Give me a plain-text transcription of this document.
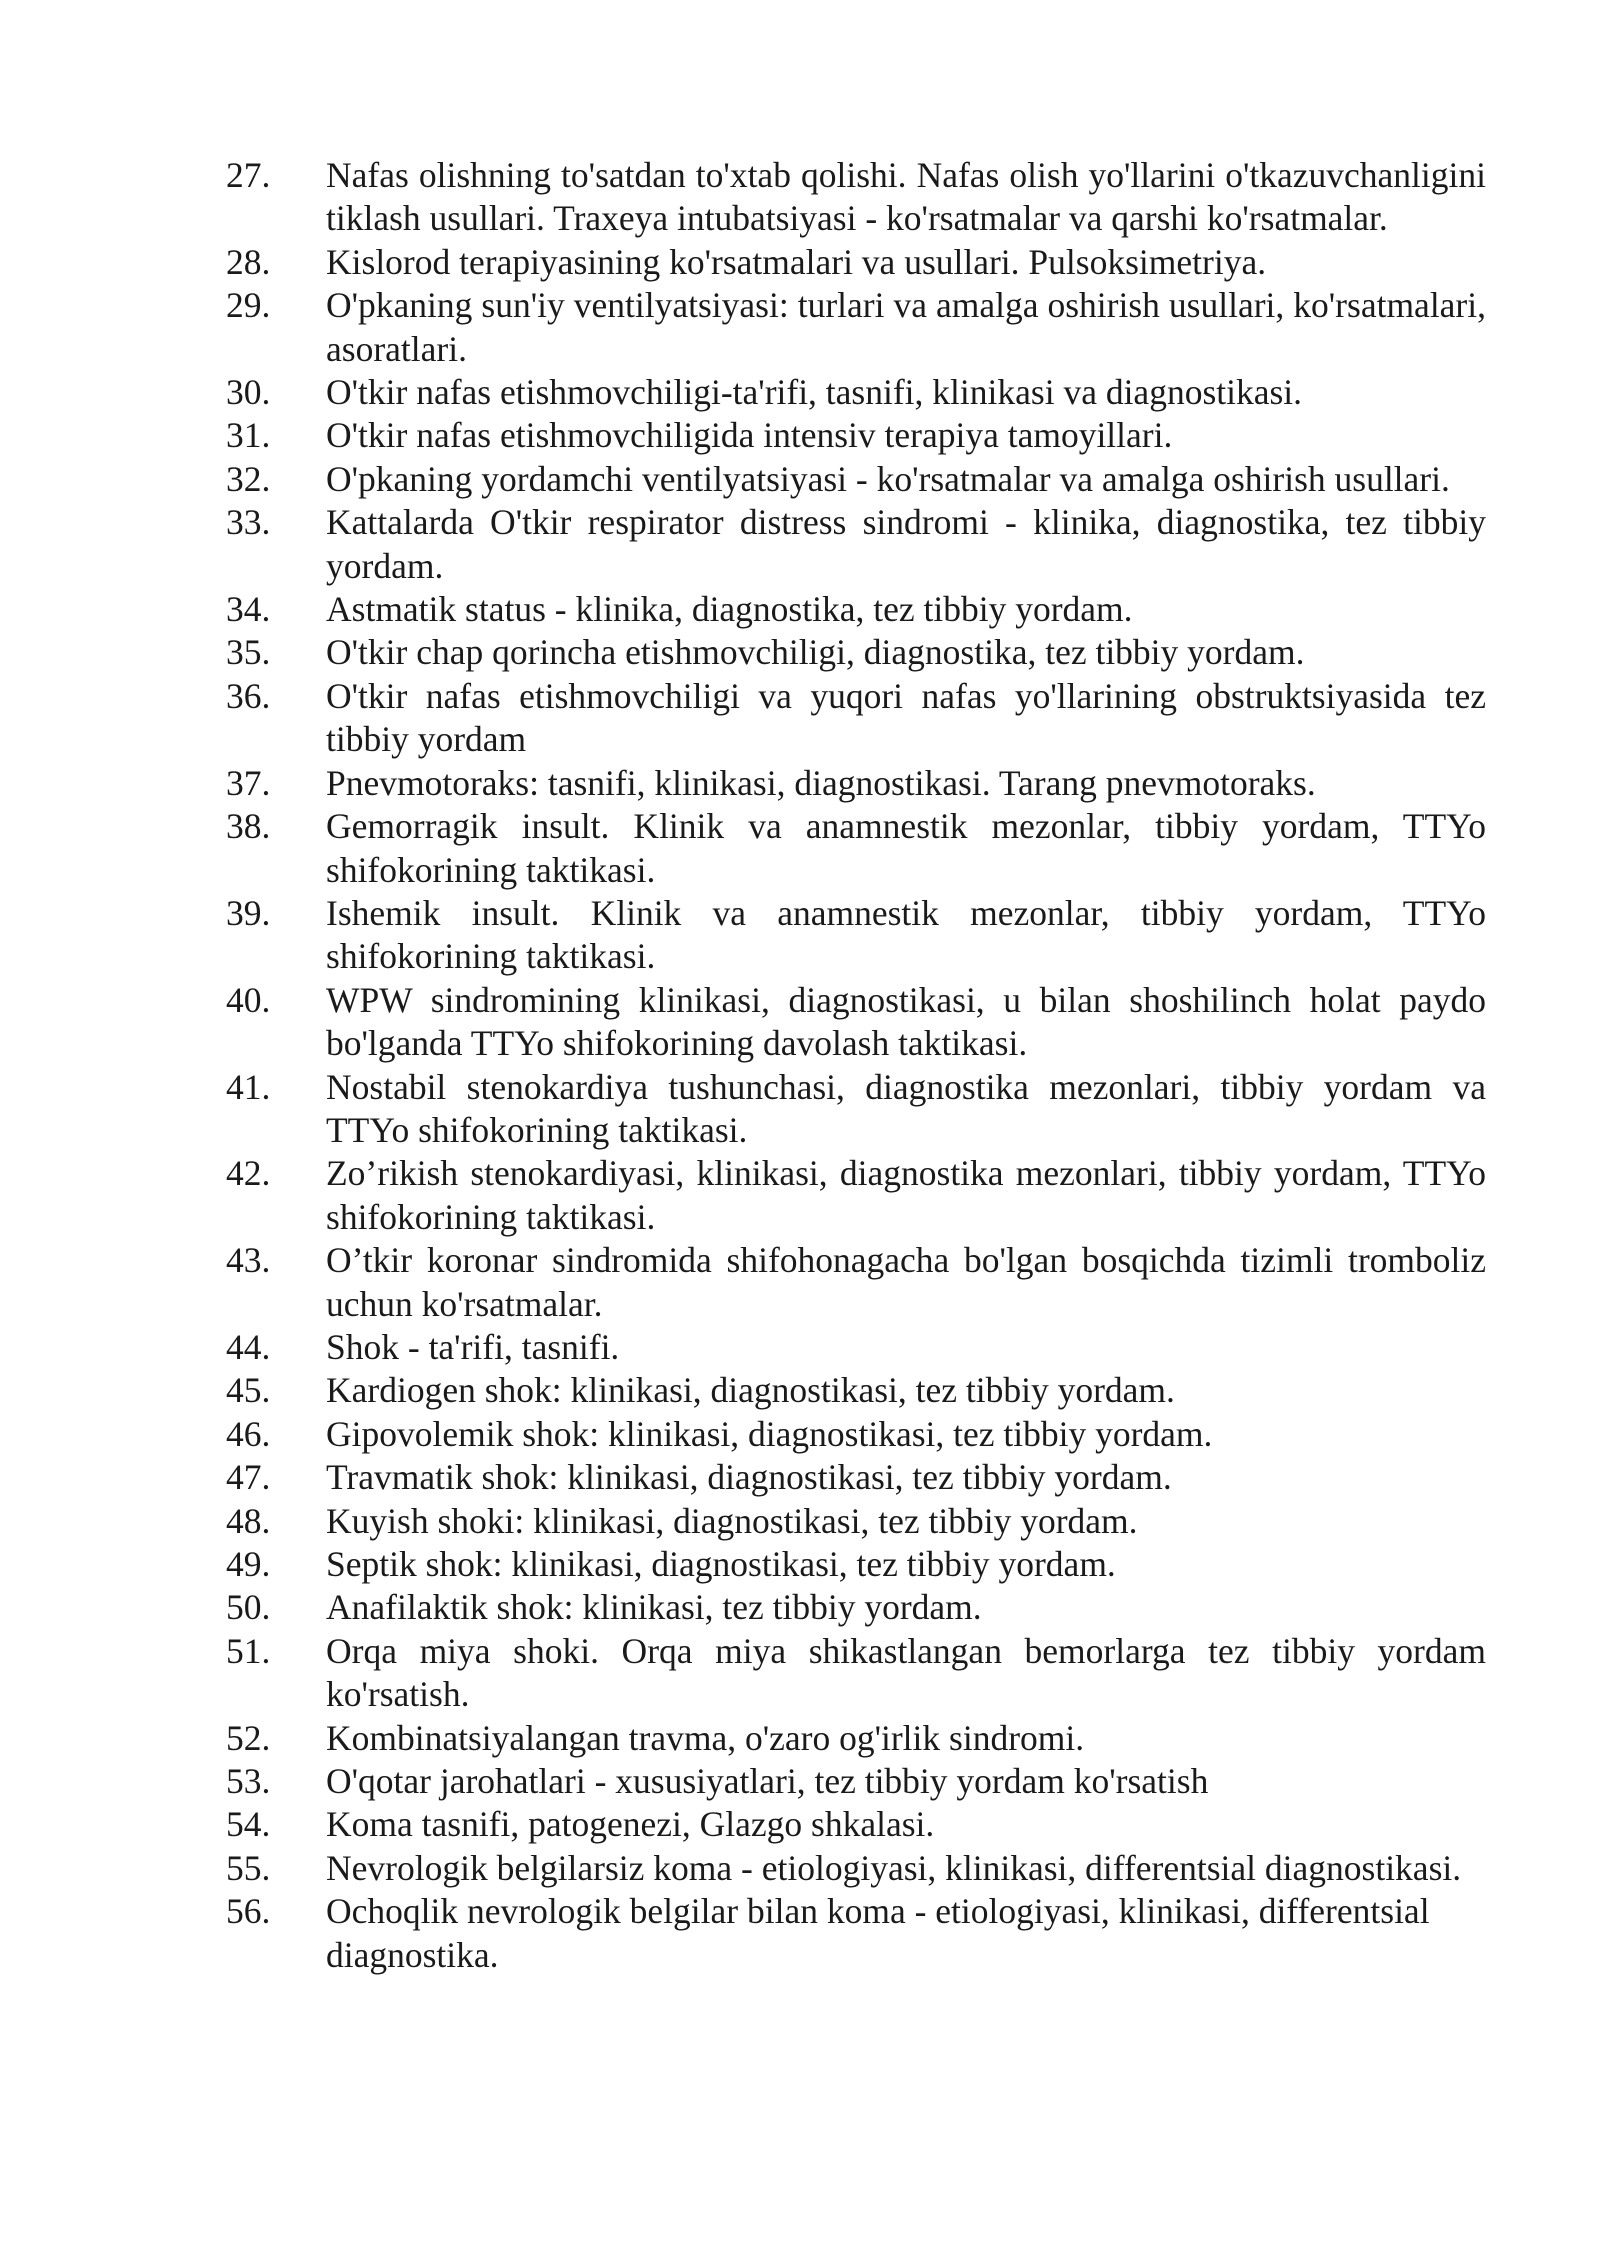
27.	Nafas olishning to'satdan to'xtab qolishi. Nafas olish yo'llarini o'tkazuvchanligini tiklash usullari. Traxeya intubatsiyasi - ko'rsatmalar va qarshi ko'rsatmalar.
28.	Kislorod terapiyasining ko'rsatmalari va usullari. Pulsoksimetriya.
29.	O'pkaning sun'iy ventilyatsiyasi: turlari va amalga oshirish usullari, ko'rsatmalari, asoratlari.
30.	O'tkir nafas etishmovchiligi-ta'rifi, tasnifi, klinikasi va diagnostikasi.
31.	O'tkir nafas etishmovchiligida intensiv terapiya tamoyillari.
32.	O'pkaning yordamchi ventilyatsiyasi - ko'rsatmalar va amalga oshirish usullari.
33.	Kattalarda O'tkir respirator distress sindromi - klinika, diagnostika, tez tibbiy yordam.
34.	Astmatik status - klinika, diagnostika, tez tibbiy yordam.
35.	O'tkir chap qorincha etishmovchiligi, diagnostika, tez tibbiy yordam.
36.	O'tkir nafas etishmovchiligi va yuqori nafas yo'llarining obstruktsiyasida tez tibbiy yordam
37.	Pnevmotoraks: tasnifi, klinikasi, diagnostikasi. Tarang pnevmotoraks.
38.	Gemorragik insult. Klinik va anamnestik mezonlar, tibbiy yordam, TTYo shifokorining taktikasi.
39.	Ishemik insult. Klinik va anamnestik mezonlar, tibbiy yordam, TTYo shifokorining taktikasi.
40.	WPW sindromining klinikasi, diagnostikasi, u bilan shoshilinch holat paydo bo'lganda TTYo shifokorining davolash taktikasi.
41.	Nostabil stenokardiya tushunchasi, diagnostika mezonlari, tibbiy yordam va TTYo shifokorining taktikasi.
42.	Zo’rikish stenokardiyasi, klinikasi, diagnostika mezonlari, tibbiy yordam, TTYo shifokorining taktikasi.
43.	O’tkir koronar sindromida shifohonagacha bo'lgan bosqichda tizimli tromboliz uchun ko'rsatmalar.
44.	Shok - ta'rifi, tasnifi.
45.	Kardiogen shok: klinikasi, diagnostikasi, tez tibbiy yordam.
46.	Gipovolemik shok: klinikasi, diagnostikasi, tez tibbiy yordam.
47.	Travmatik shok: klinikasi, diagnostikasi, tez tibbiy yordam.
48.	Kuyish shoki: klinikasi, diagnostikasi, tez tibbiy yordam.
49.	Septik shok: klinikasi, diagnostikasi, tez tibbiy yordam.
50.	Anafilaktik shok: klinikasi, tez tibbiy yordam.
51.	Orqa miya shoki. Orqa miya shikastlangan bemorlarga tez tibbiy yordam ko'rsatish.
52.	Kombinatsiyalangan travma, o'zaro og'irlik sindromi.
53.	O'qotar jarohatlari - xususiyatlari, tez tibbiy yordam ko'rsatish
54.	Koma tasnifi, patogenezi, Glazgo shkalasi.
55.	Nevrologik belgilarsiz koma - etiologiyasi, klinikasi, differentsial diagnostikasi.
56.	Ochoqlik nevrologik belgilar bilan koma - etiologiyasi, klinikasi, differentsial diagnostika.
